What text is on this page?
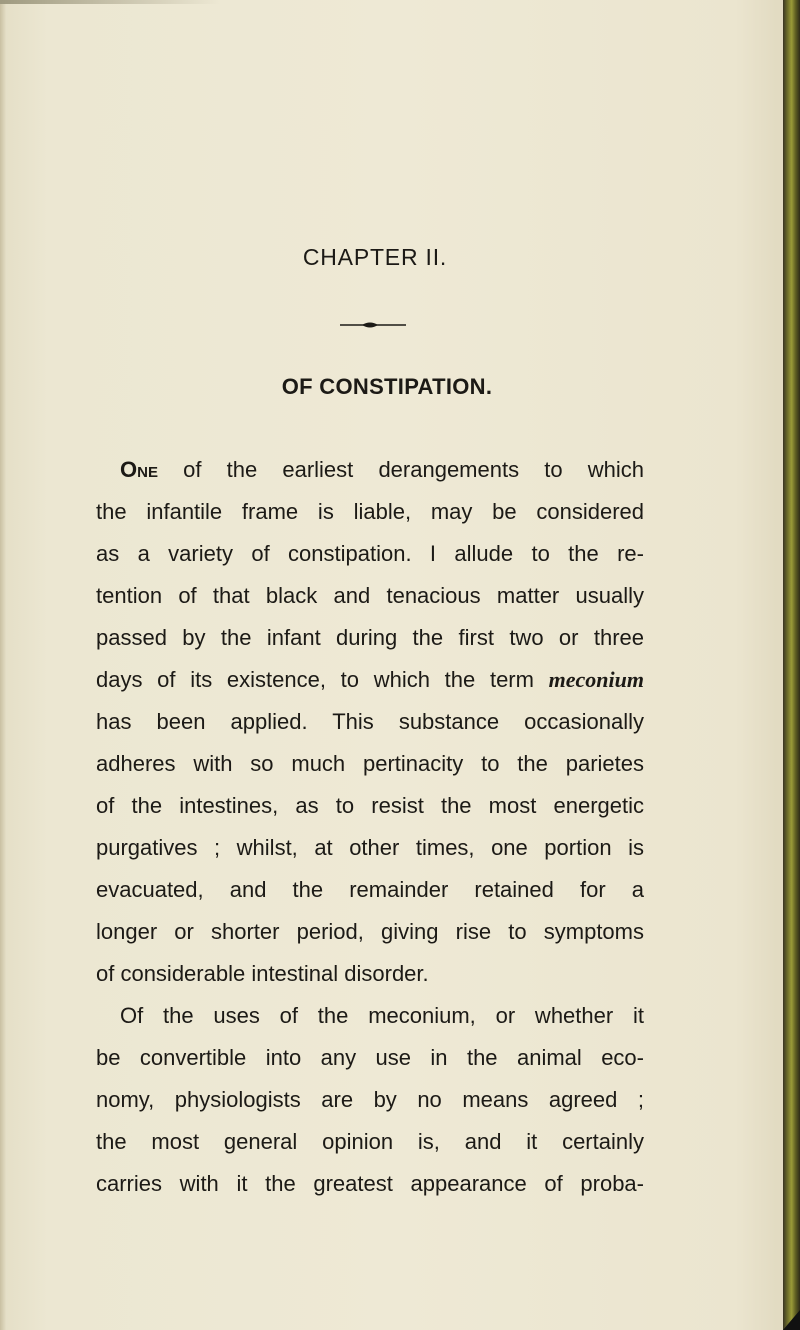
CHAPTER II.
OF CONSTIPATION.
One of the earliest derangements to which
the infantile frame is liable, may be considered
as a variety of constipation. I allude to the re-
tention of that black and tenacious matter usually
passed by the infant during the first two or three
days of its existence, to which the term meconium
has been applied. This substance occasionally
adheres with so much pertinacity to the parietes
of the intestines, as to resist the most energetic
purgatives ; whilst, at other times, one portion is
evacuated, and the remainder retained for a
longer or shorter period, giving rise to symptoms
of considerable intestinal disorder.
Of the uses of the meconium, or whether it
be convertible into any use in the animal eco-
nomy, physiologists are by no means agreed ;
the most general opinion is, and it certainly
carries with it the greatest appearance of proba-
